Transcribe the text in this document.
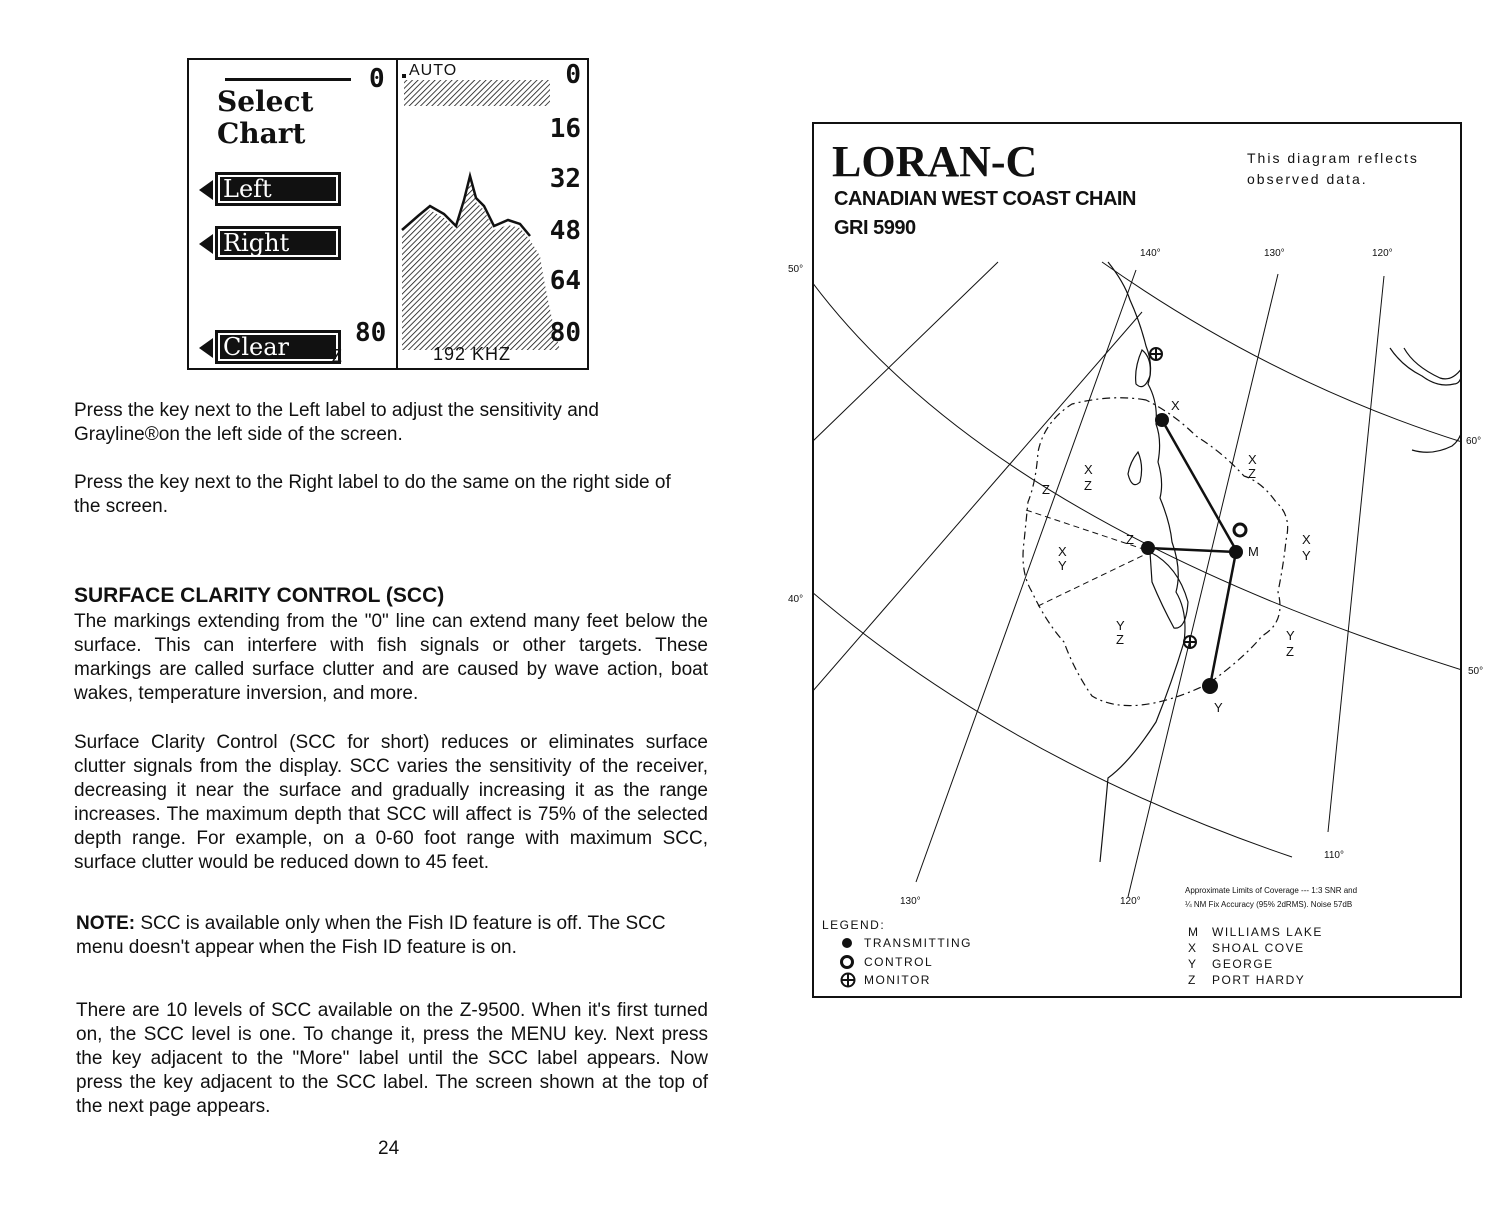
0
Select
Chart
Left
Right
Clear	Z
80
AUTO	0
16
32
48
64
80
192 KHZ
Press the key next to the Left label to adjust the sensitivity and Grayline®on the left side of the screen.
Press the key next to the Right label to do the same on the right side of the screen.
SURFACE CLARITY CONTROL (SCC)
The markings extending from the "0" line can extend many feet below the surface. This can interfere with fish signals or other targets. These markings are called surface clutter and are caused by wave action, boat wakes, temperature inversion, and more.
Surface Clarity Control (SCC for short) reduces or eliminates surface clutter signals from the display. SCC varies the sensitivity of the receiver, decreasing it near the surface and gradually increasing it as the range increases. The maximum depth that SCC will affect is 75% of the selected depth range. For example, on a 0-60 foot range with maximum SCC, surface clutter would be reduced down to 45 feet.
NOTE: SCC is available only when the Fish ID feature is off. The SCC menu doesn't appear when the Fish ID feature is on.
There are 10 levels of SCC available on the Z-9500. When it's first turned on, the SCC level is one. To change it, press the MENU key. Next press the key adjacent to the "More" label until the SCC label appears. Now press the key adjacent to the SCC label. The screen shown at the top of the next page appears.
24
LORAN-C
CANADIAN WEST COAST CHAIN
GRI 5990
This diagram reflects observed data.
X
X
Z
X
Z
Z
X
Y
X
Y
Z
M
Y
Z	Y
Z
Y
50°
40°
60°
50°
140°	130°	120°
110°
130°	120°
Approximate Limits of Coverage --- 1:3 SNR and
¼ NM Fix Accuracy (95% 2dRMS). Noise 57dB
LEGEND:
TRANSMITTING
CONTROL
MONITOR
M WILLIAMS LAKE
X SHOAL COVE
Y GEORGE
Z PORT HARDY
